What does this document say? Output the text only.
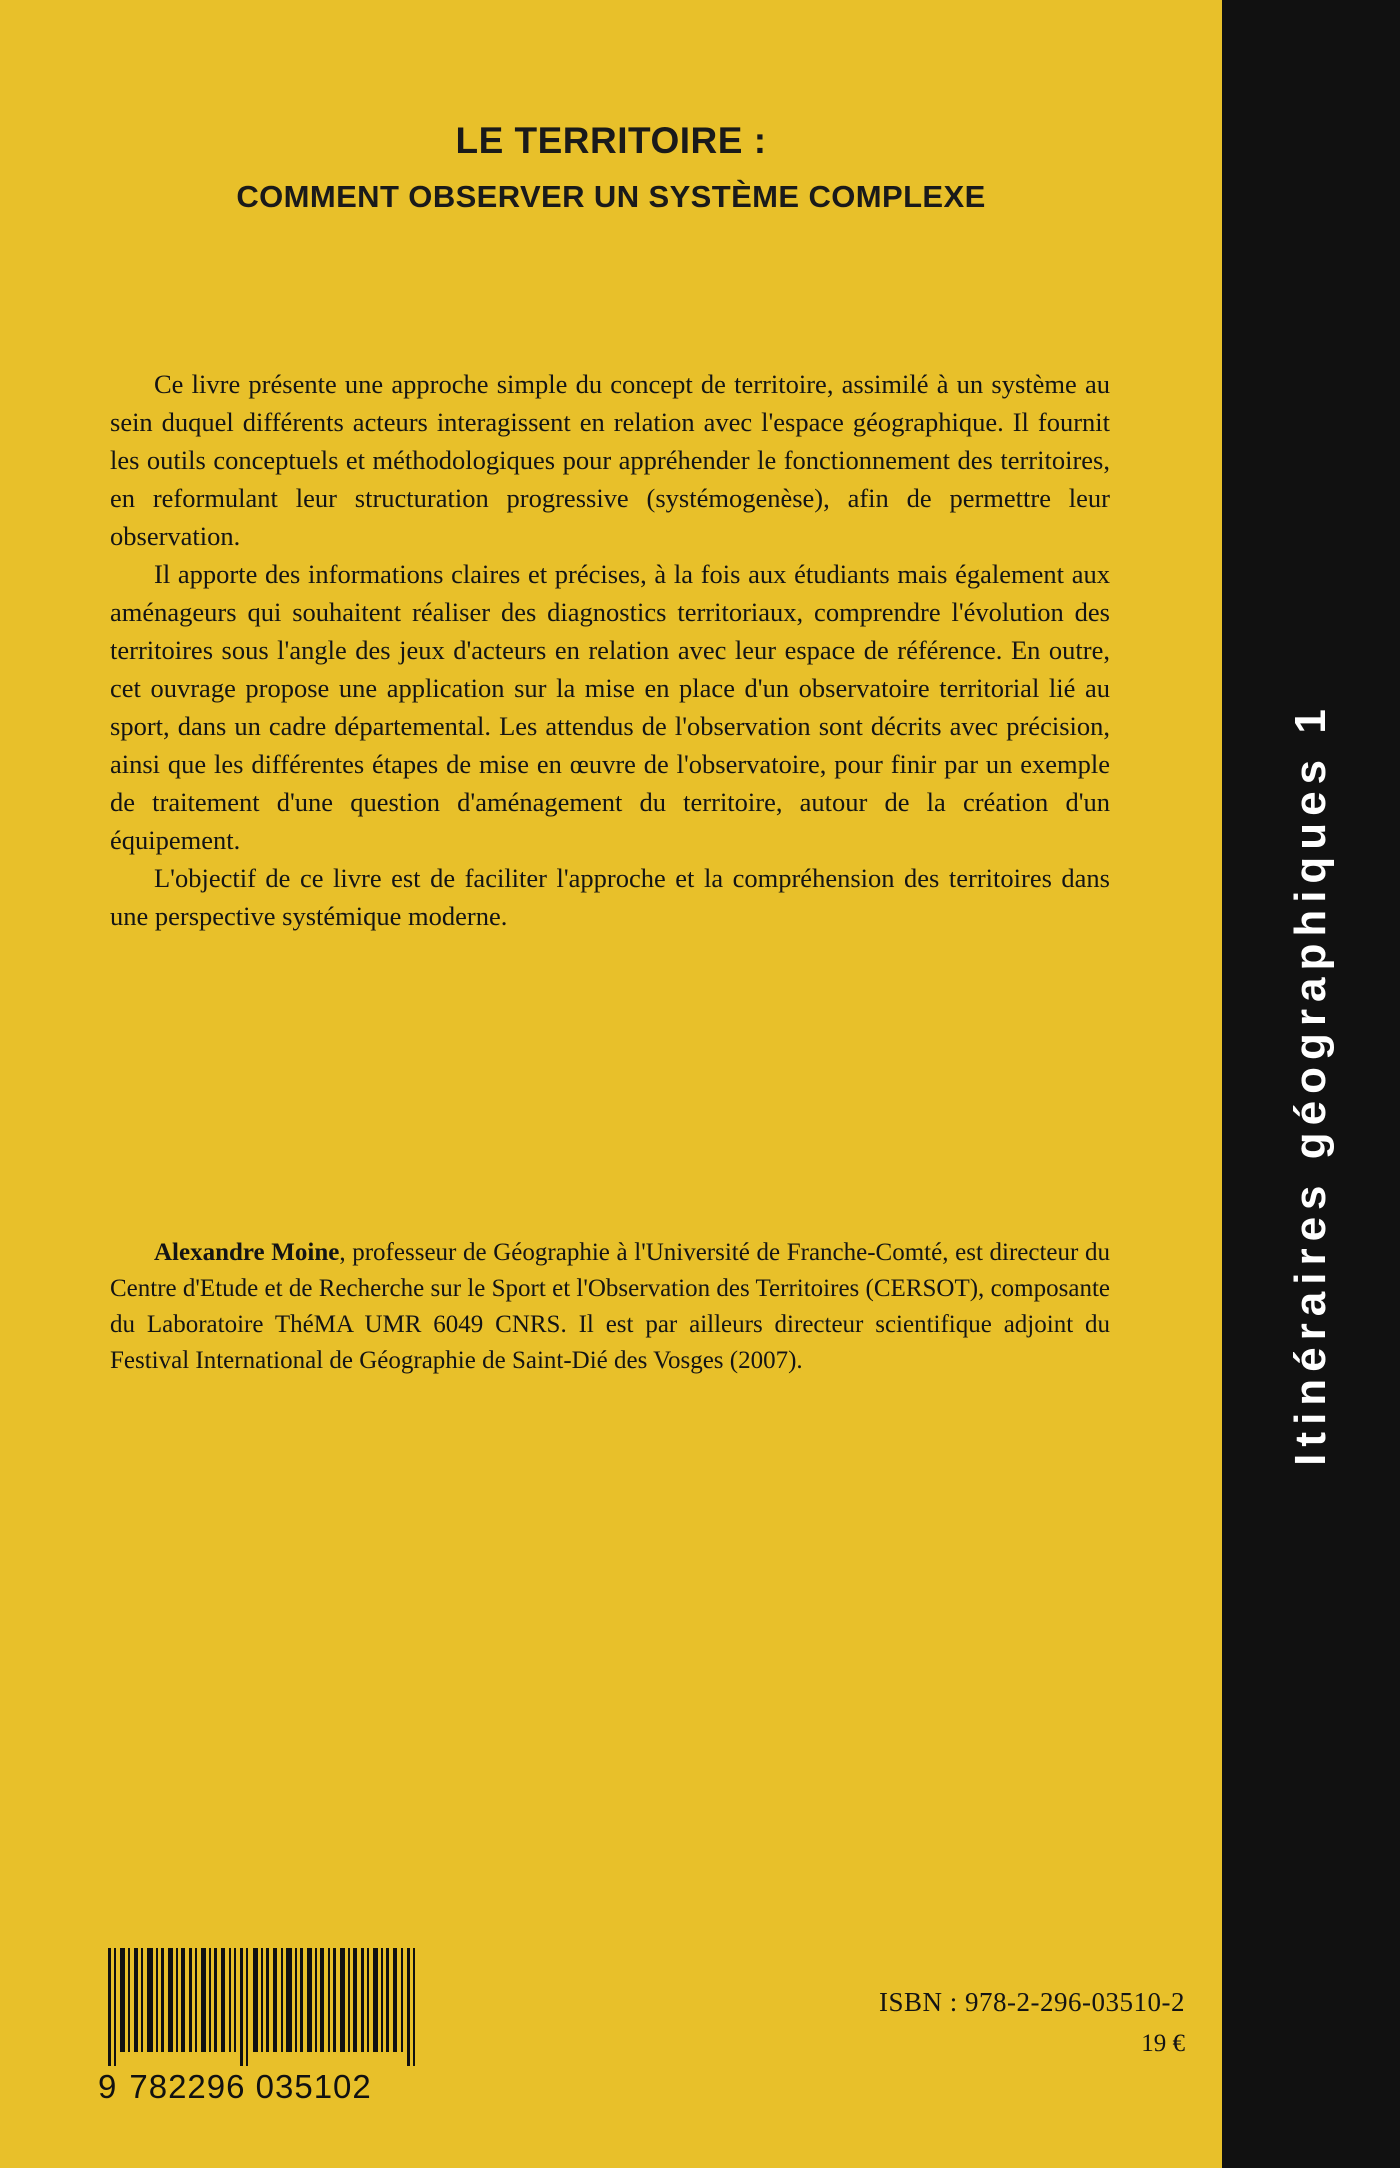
LE TERRITOIRE :
COMMENT OBSERVER UN SYSTÈME COMPLEXE

Ce livre présente une approche simple du concept de territoire, assimilé à un système au sein duquel différents acteurs interagissent en relation avec l'espace géographique. Il fournit les outils conceptuels et méthodologiques pour appréhender le fonctionnement des territoires, en reformulant leur structuration progressive (systémogenèse), afin de permettre leur observation.

Il apporte des informations claires et précises, à la fois aux étudiants mais également aux aménageurs qui souhaitent réaliser des diagnostics territoriaux, comprendre l'évolution des territoires sous l'angle des jeux d'acteurs en relation avec leur espace de référence. En outre, cet ouvrage propose une application sur la mise en place d'un observatoire territorial lié au sport, dans un cadre départemental. Les attendus de l'observation sont décrits avec précision, ainsi que les différentes étapes de mise en œuvre de l'observatoire, pour finir par un exemple de traitement d'une question d'aménagement du territoire, autour de la création d'un équipement.

L'objectif de ce livre est de faciliter l'approche et la compréhension des territoires dans une perspective systémique moderne.

Alexandre Moine, professeur de Géographie à l'Université de Franche-Comté, est directeur du Centre d'Etude et de Recherche sur le Sport et l'Observation des Territoires (CERSOT), composante du Laboratoire ThéMA UMR 6049 CNRS. Il est par ailleurs directeur scientifique adjoint du Festival International de Géographie de Saint-Dié des Vosges (2007).

9 782296 035102
ISBN : 978-2-296-03510-2
19 €
Itinéraires géographiques 1
